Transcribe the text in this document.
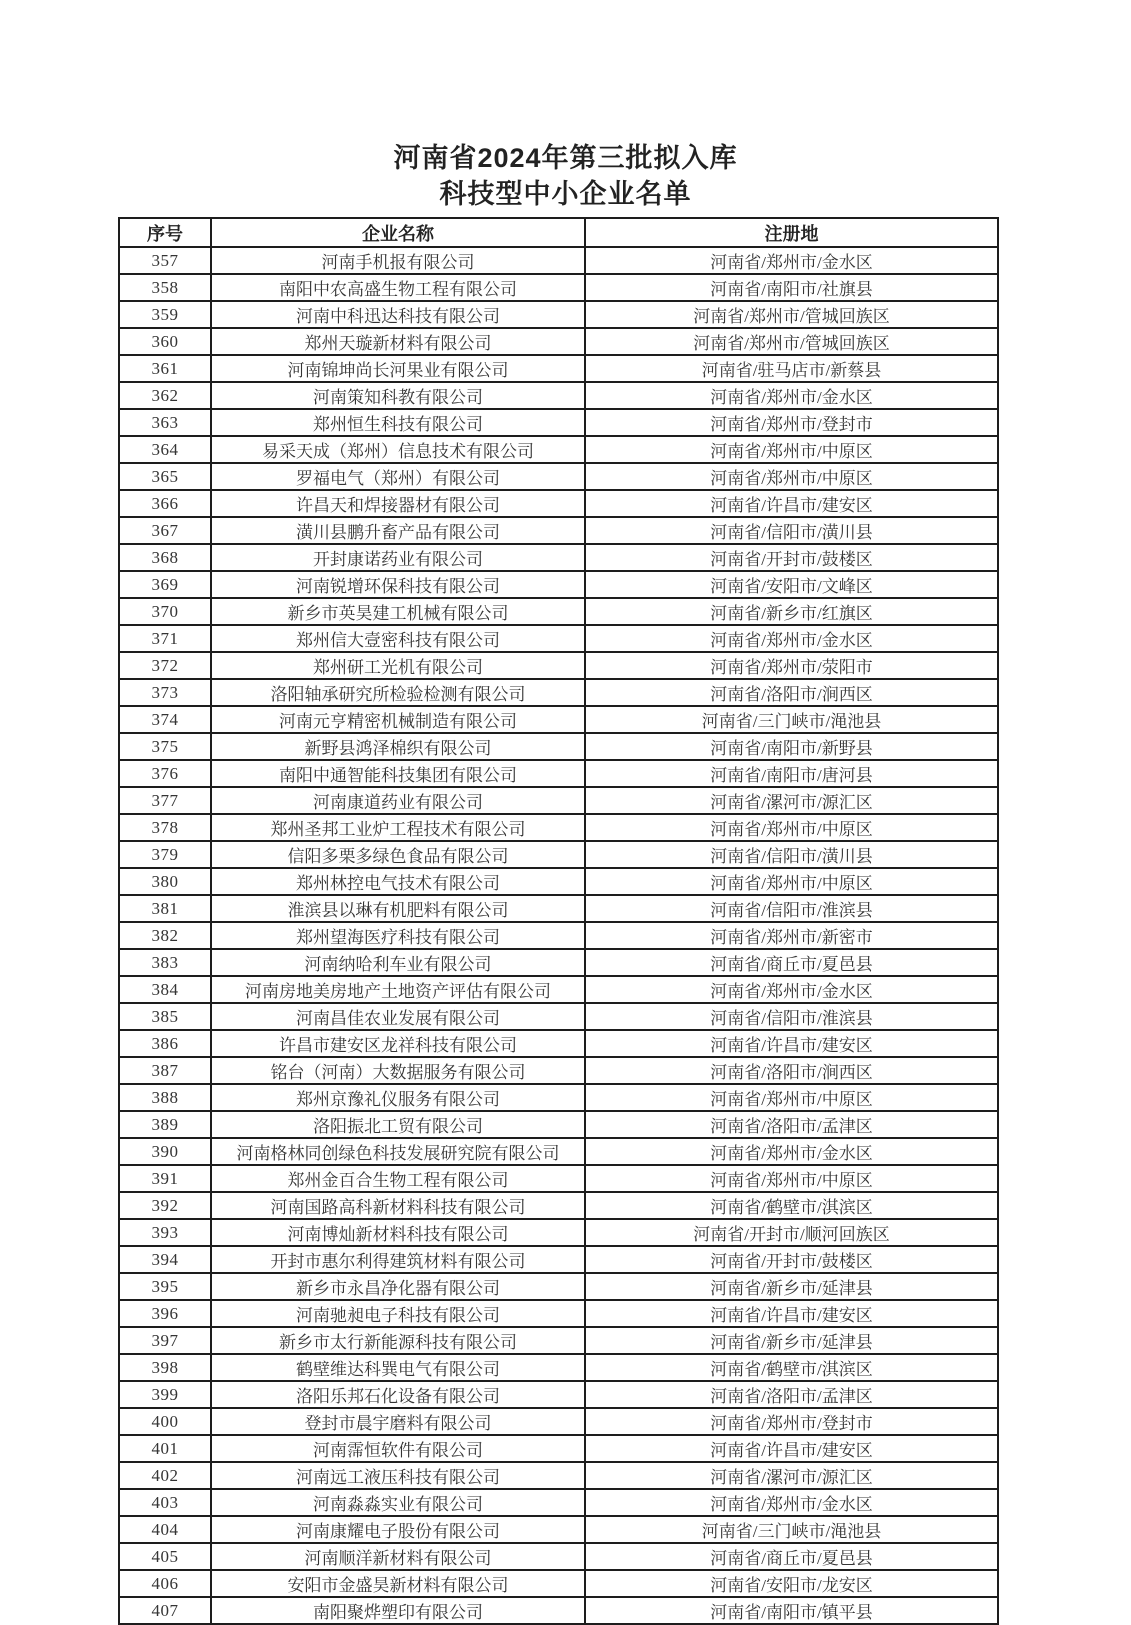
河南省2024年第三批拟入库
科技型中小企业名单
序号	企业名称	注册地
357	河南手机报有限公司	河南省/郑州市/金水区
358	南阳中农高盛生物工程有限公司	河南省/南阳市/社旗县
359	河南中科迅达科技有限公司	河南省/郑州市/管城回族区
360	郑州天璇新材料有限公司	河南省/郑州市/管城回族区
361	河南锦坤尚长河果业有限公司	河南省/驻马店市/新蔡县
362	河南策知科教有限公司	河南省/郑州市/金水区
363	郑州恒生科技有限公司	河南省/郑州市/登封市
364	易采天成（郑州）信息技术有限公司	河南省/郑州市/中原区
365	罗福电气（郑州）有限公司	河南省/郑州市/中原区
366	许昌天和焊接器材有限公司	河南省/许昌市/建安区
367	潢川县鹏升畜产品有限公司	河南省/信阳市/潢川县
368	开封康诺药业有限公司	河南省/开封市/鼓楼区
369	河南锐增环保科技有限公司	河南省/安阳市/文峰区
370	新乡市英昊建工机械有限公司	河南省/新乡市/红旗区
371	郑州信大壹密科技有限公司	河南省/郑州市/金水区
372	郑州研工光机有限公司	河南省/郑州市/荥阳市
373	洛阳轴承研究所检验检测有限公司	河南省/洛阳市/涧西区
374	河南元亨精密机械制造有限公司	河南省/三门峡市/渑池县
375	新野县鸿泽棉织有限公司	河南省/南阳市/新野县
376	南阳中通智能科技集团有限公司	河南省/南阳市/唐河县
377	河南康道药业有限公司	河南省/漯河市/源汇区
378	郑州圣邦工业炉工程技术有限公司	河南省/郑州市/中原区
379	信阳多栗多绿色食品有限公司	河南省/信阳市/潢川县
380	郑州林控电气技术有限公司	河南省/郑州市/中原区
381	淮滨县以琳有机肥料有限公司	河南省/信阳市/淮滨县
382	郑州望海医疗科技有限公司	河南省/郑州市/新密市
383	河南纳哈利车业有限公司	河南省/商丘市/夏邑县
384	河南房地美房地产土地资产评估有限公司	河南省/郑州市/金水区
385	河南昌佳农业发展有限公司	河南省/信阳市/淮滨县
386	许昌市建安区龙祥科技有限公司	河南省/许昌市/建安区
387	铭台（河南）大数据服务有限公司	河南省/洛阳市/涧西区
388	郑州京豫礼仪服务有限公司	河南省/郑州市/中原区
389	洛阳振北工贸有限公司	河南省/洛阳市/孟津区
390	河南格林同创绿色科技发展研究院有限公司	河南省/郑州市/金水区
391	郑州金百合生物工程有限公司	河南省/郑州市/中原区
392	河南国路高科新材料科技有限公司	河南省/鹤壁市/淇滨区
393	河南博灿新材料科技有限公司	河南省/开封市/顺河回族区
394	开封市惠尔利得建筑材料有限公司	河南省/开封市/鼓楼区
395	新乡市永昌净化器有限公司	河南省/新乡市/延津县
396	河南驰昶电子科技有限公司	河南省/许昌市/建安区
397	新乡市太行新能源科技有限公司	河南省/新乡市/延津县
398	鹤壁维达科巽电气有限公司	河南省/鹤壁市/淇滨区
399	洛阳乐邦石化设备有限公司	河南省/洛阳市/孟津区
400	登封市晨宇磨料有限公司	河南省/郑州市/登封市
401	河南霈恒软件有限公司	河南省/许昌市/建安区
402	河南远工液压科技有限公司	河南省/漯河市/源汇区
403	河南淼淼实业有限公司	河南省/郑州市/金水区
404	河南康耀电子股份有限公司	河南省/三门峡市/渑池县
405	河南顺洋新材料有限公司	河南省/商丘市/夏邑县
406	安阳市金盛昊新材料有限公司	河南省/安阳市/龙安区
407	南阳聚烨塑印有限公司	河南省/南阳市/镇平县
